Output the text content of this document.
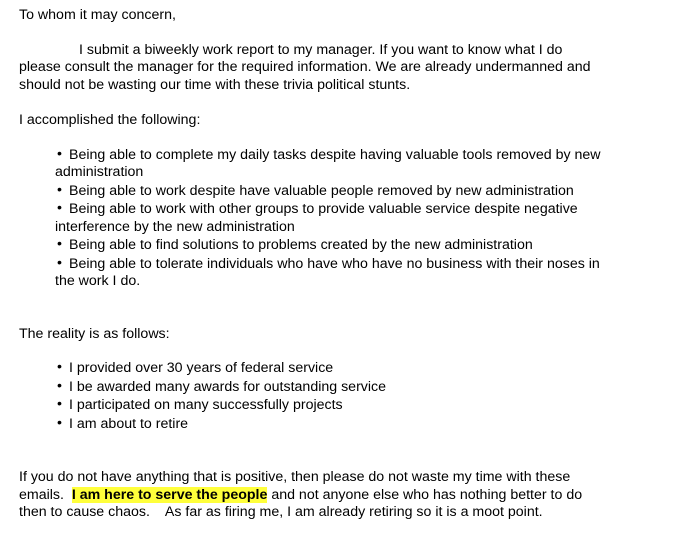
To whom it may concern,
I submit a biweekly work report to my manager. If you want to know what I do
please consult the manager for the required information. We are already undermanned and
should not be wasting our time with these trivia political stunts.
I accomplished the following:
• Being able to complete my daily tasks despite having valuable tools removed by new
administration
• Being able to work despite have valuable people removed by new administration
• Being able to work with other groups to provide valuable service despite negative
interference by the new administration
• Being able to find solutions to problems created by the new administration
• Being able to tolerate individuals who have who have no business with their noses in
the work I do.
The reality is as follows:
• I provided over 30 years of federal service
• I be awarded many awards for outstanding service
• I participated on many successfully projects
• I am about to retire
If you do not have anything that is positive, then please do not waste my time with these
emails.  I am here to serve the people and not anyone else who has nothing better to do
then to cause chaos.    As far as firing me, I am already retiring so it is a moot point.
